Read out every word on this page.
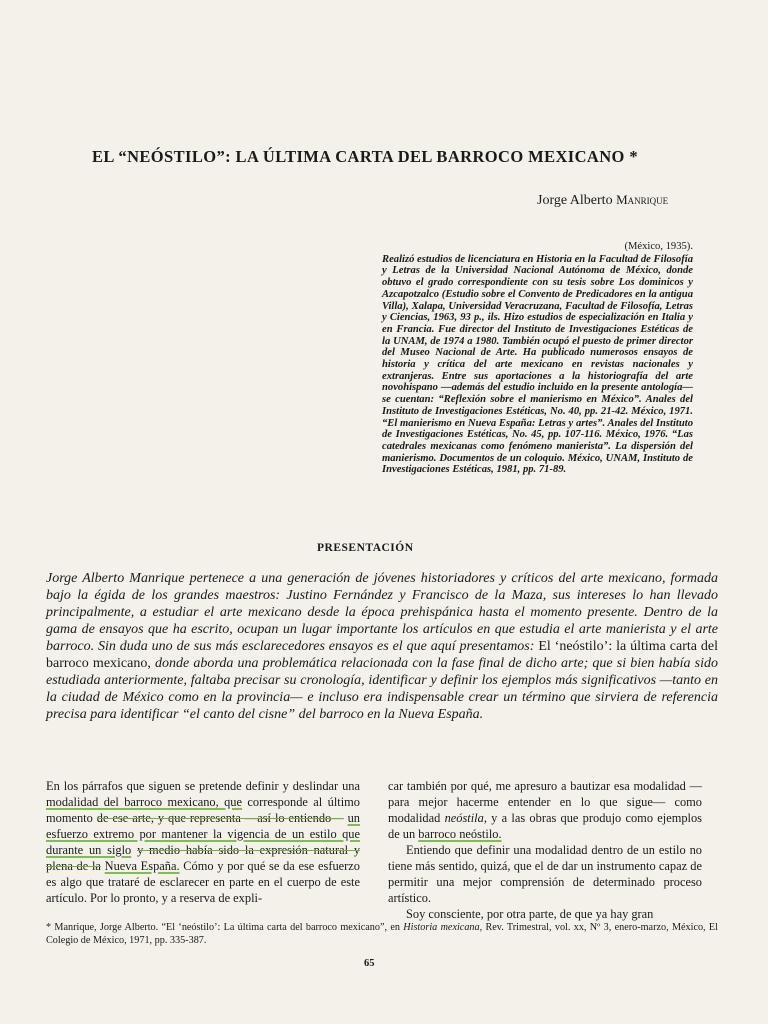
EL “NEÓSTILO”: LA ÚLTIMA CARTA DEL BARROCO MEXICANO *
Jorge Alberto Manrique
(México, 1935).
Realizó estudios de licenciatura en Historia en la Facultad de Filosofía y Letras de la Universidad Nacional Autónoma de México, donde obtuvo el grado correspondiente con su tesis sobre Los dominicos y Azcapotzalco (Estudio sobre el Convento de Predicadores en la antigua Villa), Xalapa, Universidad Veracruzana, Facultad de Filosofía, Letras y Ciencias, 1963, 93 p., ils. Hizo estudios de especialización en Italia y en Francia. Fue director del Instituto de Investigaciones Estéticas de la UNAM, de 1974 a 1980. También ocupó el puesto de primer director del Museo Nacional de Arte. Ha publicado numerosos ensayos de historia y crítica del arte mexicano en revistas nacionales y extranjeras. Entre sus aportaciones a la historiografía del arte novohispano —además del estudio incluido en la presente antología— se cuentan: “Reflexión sobre el manierismo en México”. Anales del Instituto de Investigaciones Estéticas, No. 40, pp. 21-42. México, 1971. “El manierismo en Nueva España: Letras y artes”. Anales del Instituto de Investigaciones Estéticas, No. 45, pp. 107-116. México, 1976. “Las catedrales mexicanas como fenómeno manierista”. La dispersión del manierismo. Documentos de un coloquio. México, UNAM, Instituto de Investigaciones Estéticas, 1981, pp. 71-89.
PRESENTACIÓN
Jorge Alberto Manrique pertenece a una generación de jóvenes historiadores y críticos del arte mexicano, formada bajo la égida de los grandes maestros: Justino Fernández y Francisco de la Maza, sus intereses lo han llevado principalmente, a estudiar el arte mexicano desde la época prehispánica hasta el momento presente. Dentro de la gama de ensayos que ha escrito, ocupan un lugar importante los artículos en que estudia el arte manierista y el arte barroco. Sin duda uno de sus más esclarecedores ensayos es el que aquí presentamos: El ‘neóstilo’: la última carta del barroco mexicano, donde aborda una problemática relacionada con la fase final de dicho arte; que si bien había sido estudiada anteriormente, faltaba precisar su cronología, identificar y definir los ejemplos más significativos —tanto en la ciudad de México como en la provincia— e incluso era indispensable crear un término que sirviera de referencia precisa para identificar “el canto del cisne” del barroco en la Nueva España.

En los párrafos que siguen se pretende definir y deslindar una modalidad del barroco mexicano, que corresponde al último momento de ese arte, y que representa —así lo entiendo— un esfuerzo extremo por mantener la vigencia de un estilo que durante un siglo y medio había sido la expresión natural y plena de la Nueva España. Cómo y por qué se da ese esfuerzo es algo que trataré de esclarecer en parte en el cuerpo de este artículo. Por lo pronto, y a reserva de expli-

car también por qué, me apresuro a bautizar esa modalidad —para mejor hacerme entender en lo que sigue— como modalidad neóstila, y a las obras que produjo como ejemplos de un barroco neóstilo.

Entiendo que definir una modalidad dentro de un estilo no tiene más sentido, quizá, que el de dar un instrumento capaz de permitir una mejor comprensión de determinado proceso artístico.

Soy consciente, por otra parte, de que ya hay gran

* Manrique, Jorge Alberto. “El ‘neóstilo’: La última carta del barroco mexicano”, en Historia mexicana, Rev. Trimestral, vol. xx, Nº 3, enero-marzo, México, El Colegio de México, 1971, pp. 335-387.
65
